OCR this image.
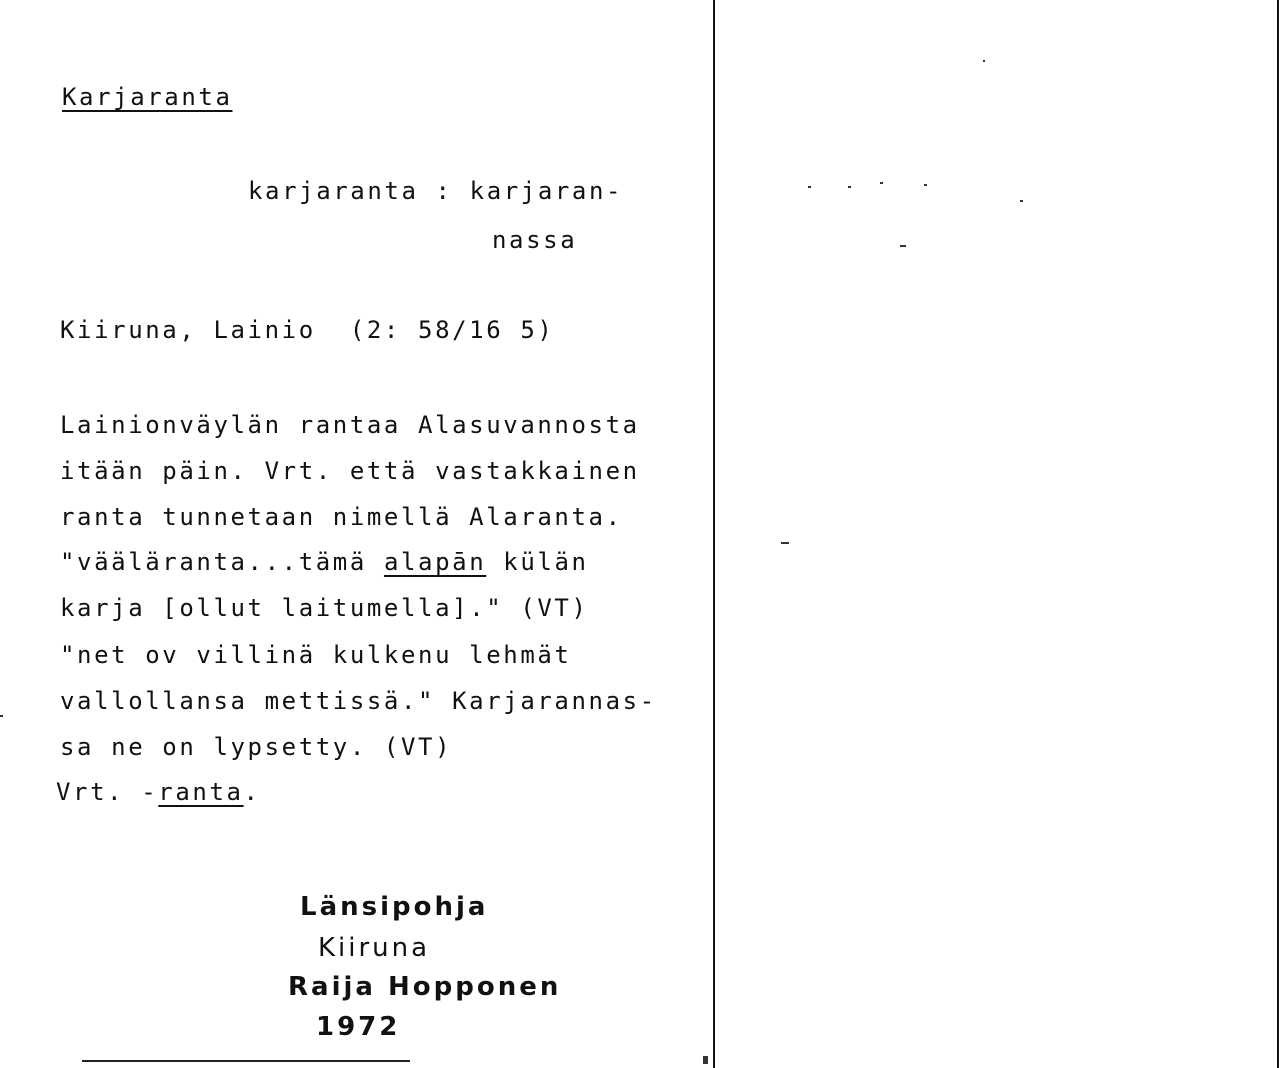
Karjaranta
karjaranta : karjaran-
nassa
Kiiruna, Lainio  (2: 58/16 5)
Lainionväylän rantaa Alasuvannosta
itään päin. Vrt. että vastakkainen
ranta tunnetaan nimellä Alaranta.
"vääläranta...tämä alapān külän
karja [ollut laitumella]." (VT)
"net ov villinä kulkenu lehmät
vallollansa mettissä." Karjarannas-
sa ne on lypsetty. (VT)
Vrt. -ranta.
Länsipohja
Kiiruna
Raija Hopponen
1972
